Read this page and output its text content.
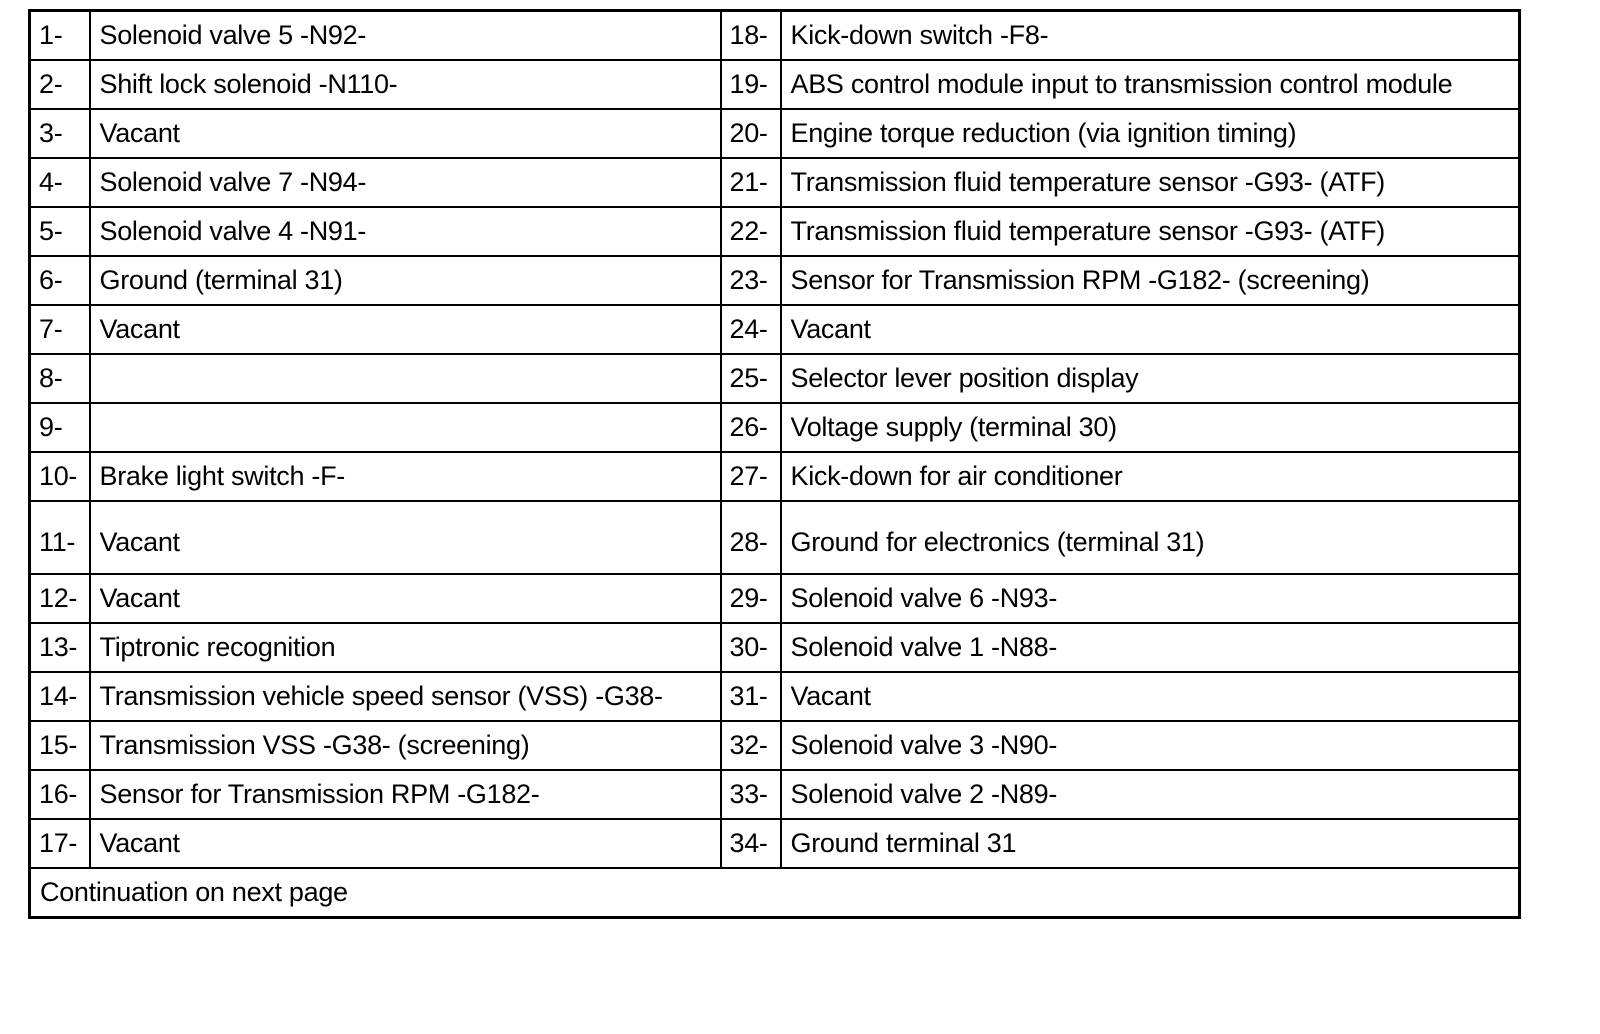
1-	Solenoid valve 5 -N92-	18-	Kick-down switch -F8-
2-	Shift lock solenoid -N110-	19-	ABS control module input to transmission control module
3-	Vacant	20-	Engine torque reduction (via ignition timing)
4-	Solenoid valve 7 -N94-	21-	Transmission fluid temperature sensor -G93- (ATF)
5-	Solenoid valve 4 -N91-	22-	Transmission fluid temperature sensor -G93- (ATF)
6-	Ground (terminal 31)	23-	Sensor for Transmission RPM -G182- (screening)
7-	Vacant	24-	Vacant
8-		25-	Selector lever position display
9-		26-	Voltage supply (terminal 30)
10-	Brake light switch -F-	27-	Kick-down for air conditioner
11-	Vacant	28-	Ground for electronics (terminal 31)
12-	Vacant	29-	Solenoid valve 6 -N93-
13-	Tiptronic recognition	30-	Solenoid valve 1 -N88-
14-	Transmission vehicle speed sensor (VSS) -G38-	31-	Vacant
15-	Transmission VSS -G38- (screening)	32-	Solenoid valve 3 -N90-
16-	Sensor for Transmission RPM -G182-	33-	Solenoid valve 2 -N89-
17-	Vacant	34-	Ground terminal 31
Continuation on next page			
